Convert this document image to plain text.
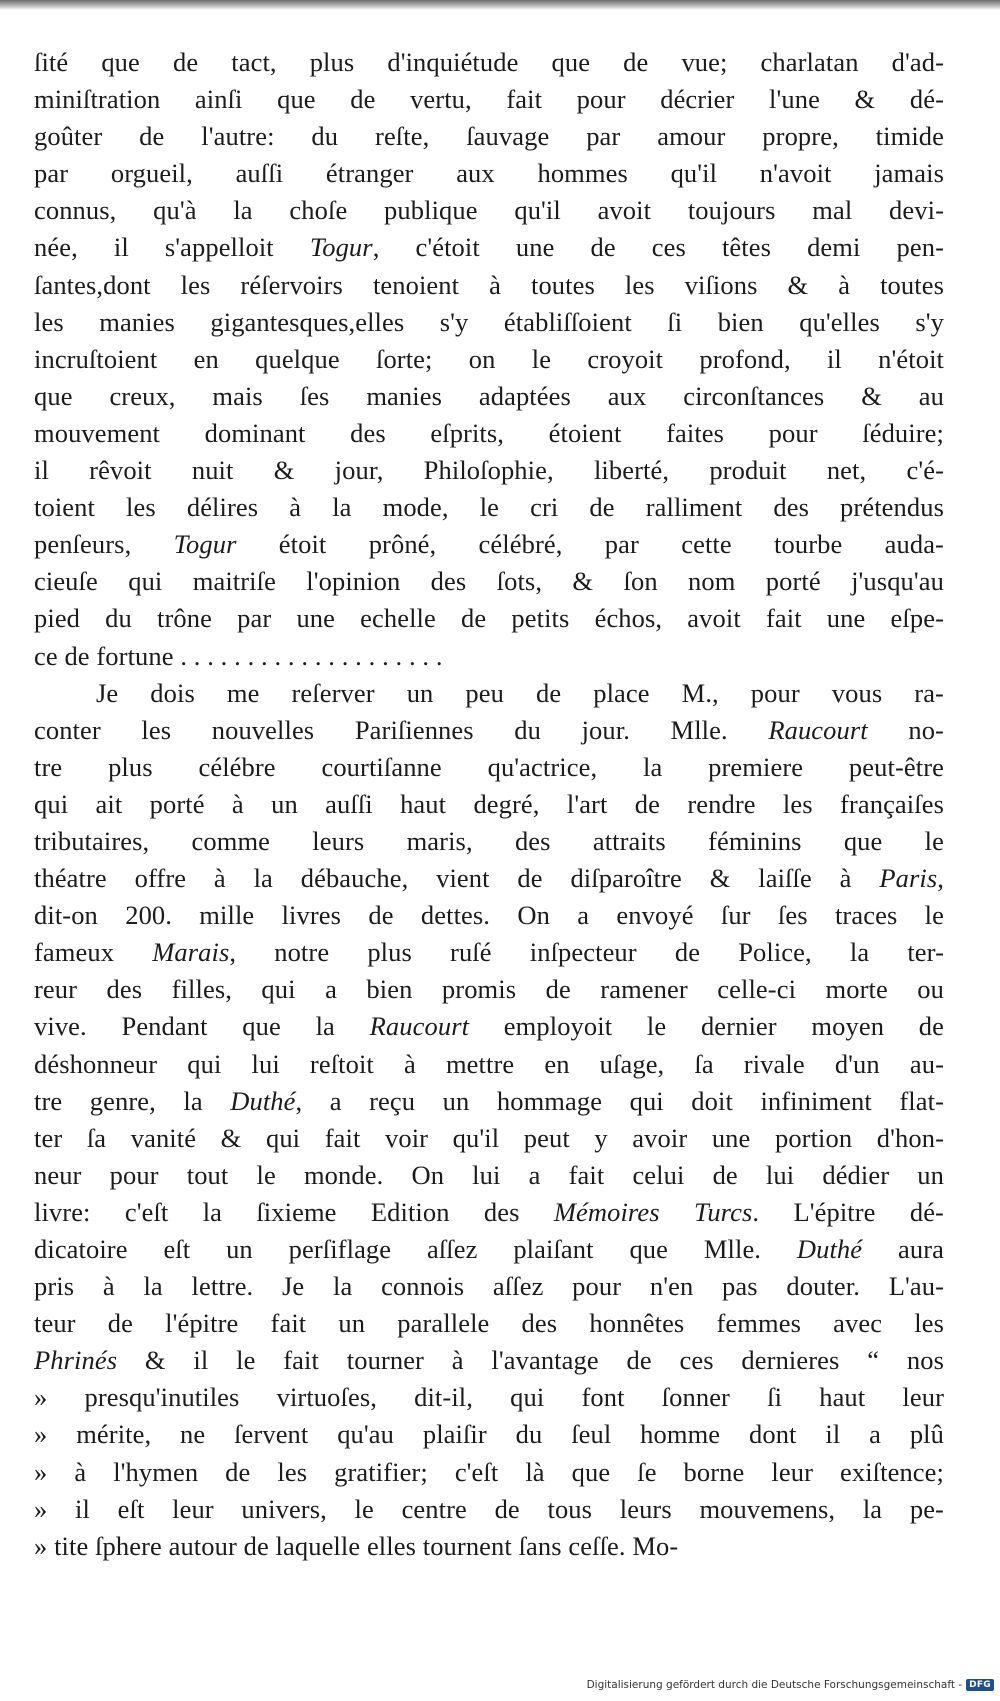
ſité que de tact, plus d'inquiétude que de vue; charlatan d'ad-
miniſtration ainſi que de vertu, fait pour décrier l'une & dé-
goûter de l'autre: du reſte, ſauvage par amour propre, timide
par orgueil, auſſi étranger aux hommes qu'il n'avoit jamais
connus, qu'à la choſe publique qu'il avoit toujours mal devi-
née, il s'appelloit Togur, c'étoit une de ces têtes demi pen-
ſantes,dont les réſervoirs tenoient à toutes les viſions & à toutes
les manies gigantesques,elles s'y établiſſoient ſi bien qu'elles s'y
incruſtoient en quelque ſorte; on le croyoit profond, il n'étoit
que creux, mais ſes manies adaptées aux circonſtances & au
mouvement dominant des eſprits, étoient faites pour ſéduire;
il rêvoit nuit & jour, Philoſophie, liberté, produit net, c'é-
toient les délires à la mode, le cri de ralliment des prétendus
penſeurs, Togur étoit prôné, célébré, par cette tourbe auda-
cieuſe qui maitriſe l'opinion des ſots, & ſon nom porté j'usqu'au
pied du trône par une echelle de petits échos, avoit fait une eſpe-
ce de fortune . . . . . . . . . . . . . . . . . . . .
Je dois me reſerver un peu de place M., pour vous ra-
conter les nouvelles Pariſiennes du jour. Mlle. Raucourt no-
tre plus célébre courtiſanne qu'actrice, la premiere peut-être
qui ait porté à un auſſi haut degré, l'art de rendre les françaiſes
tributaires, comme leurs maris, des attraits féminins que le
théatre offre à la débauche, vient de diſparoître & laiſſe à Paris,
dit-on 200. mille livres de dettes. On a envoyé ſur ſes traces le
fameux Marais, notre plus ruſé inſpecteur de Police, la ter-
reur des filles, qui a bien promis de ramener celle-ci morte ou
vive. Pendant que la Raucourt employoit le dernier moyen de
déshonneur qui lui reſtoit à mettre en uſage, ſa rivale d'un au-
tre genre, la Duthé, a reçu un hommage qui doit infiniment flat-
ter ſa vanité & qui fait voir qu'il peut y avoir une portion d'hon-
neur pour tout le monde. On lui a fait celui de lui dédier un
livre: c'eſt la ſixieme Edition des Mémoires Turcs. L'épitre dé-
dicatoire eſt un perſiflage aſſez plaiſant que Mlle. Duthé aura
pris à la lettre. Je la connois aſſez pour n'en pas douter. L'au-
teur de l'épitre fait un parallele des honnêtes femmes avec les
Phrinés & il le fait tourner à l'avantage de ces dernieres “ nos
» presqu'inutiles virtuoſes, dit-il, qui font ſonner ſi haut leur
» mérite, ne ſervent qu'au plaiſir du ſeul homme dont il a plû
» à l'hymen de les gratifier; c'eſt là que ſe borne leur exiſtence;
» il eſt leur univers, le centre de tous leurs mouvemens, la pe-
» tite ſphere autour de laquelle elles tournent ſans ceſſe. Mo-
Digitalisierung gefördert durch die Deutsche Forschungsgemeinschaft - DFG
